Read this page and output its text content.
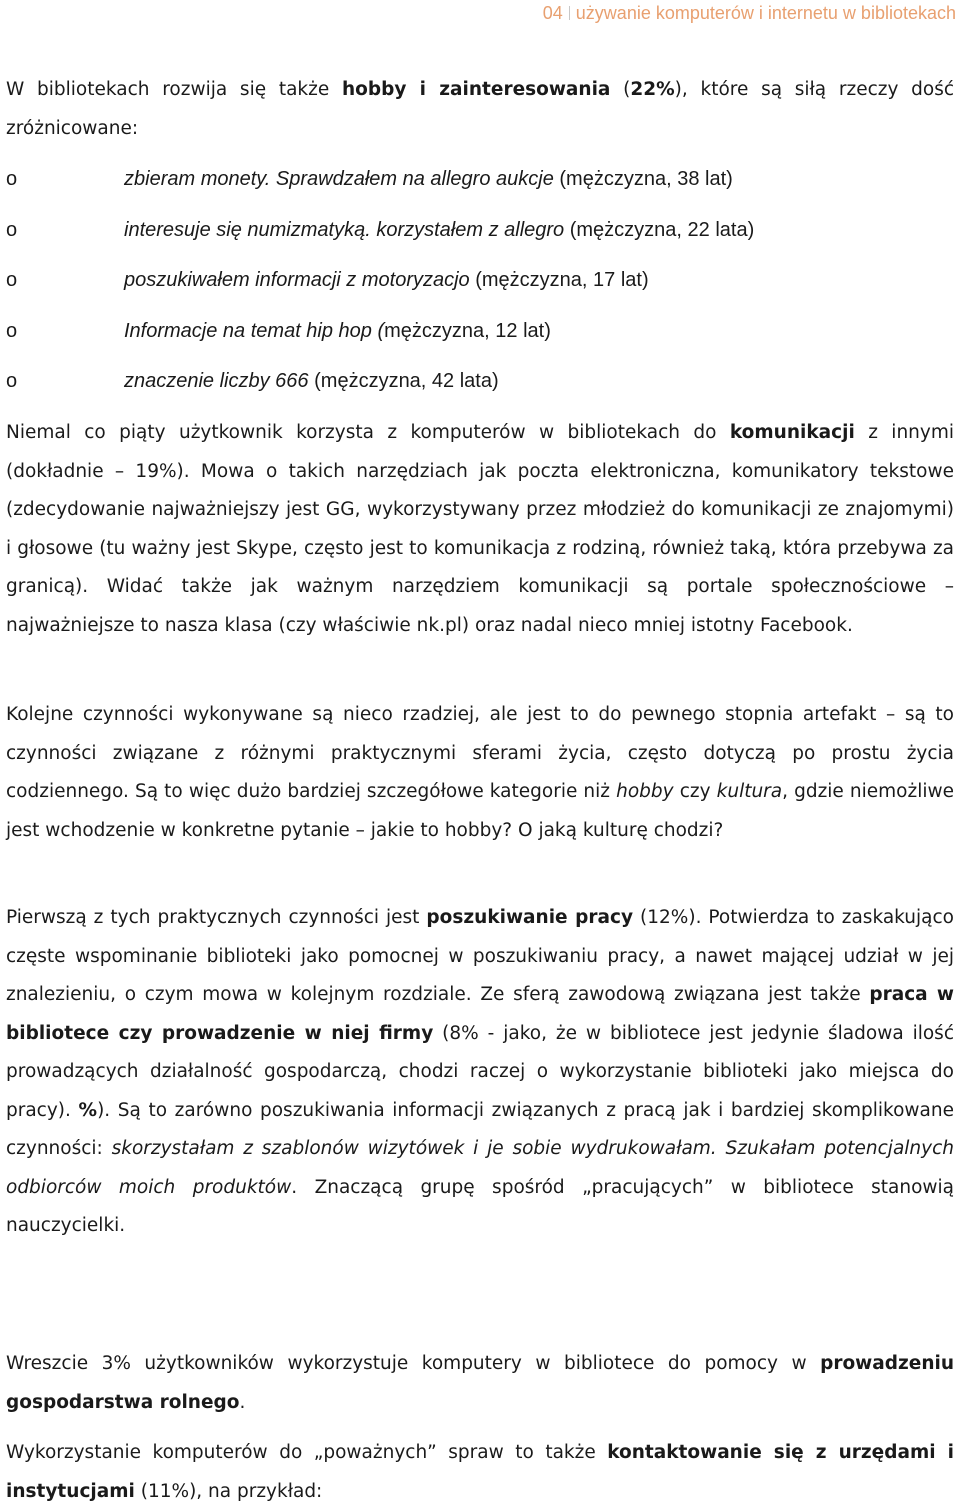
04 używanie komputerów i internetu w bibliotekach

W bibliotekach rozwija się także hobby i zainteresowania (22%), które są siłą rzeczy dość zróżnicowane:

o	zbieram monety. Sprawdzałem na allegro aukcje (mężczyzna, 38 lat)
o	interesuje się numizmatyką. korzystałem z allegro (mężczyzna, 22 lata)
o	poszukiwałem informacji z motoryzacjo (mężczyzna, 17 lat)
o	Informacje na temat hip hop (mężczyzna, 12 lat)
o	znaczenie liczby 666 (mężczyzna, 42 lata)

Niemal co piąty użytkownik korzysta z komputerów w bibliotekach do komunikacji z innymi (dokładnie – 19%). Mowa o takich narzędziach jak poczta elektroniczna, komunikatory tekstowe (zdecydowanie najważniejszy jest GG, wykorzystywany przez młodzież do komunikacji ze znajomymi) i głosowe (tu ważny jest Skype, często jest to komunikacja z rodziną, również taką, która przebywa za granicą). Widać także jak ważnym narzędziem komunikacji są portale społecznościowe – najważniejsze to nasza klasa (czy właściwie nk.pl) oraz nadal nieco mniej istotny Facebook.

Kolejne czynności wykonywane są nieco rzadziej, ale jest to do pewnego stopnia artefakt – są to czynności związane z różnymi praktycznymi sferami życia, często dotyczą po prostu życia codziennego. Są to więc dużo bardziej szczegółowe kategorie niż hobby czy kultura, gdzie niemożliwe jest wchodzenie w konkretne pytanie – jakie to hobby? O jaką kulturę chodzi?

Pierwszą z tych praktycznych czynności jest poszukiwanie pracy (12%). Potwierdza to zaskakująco częste wspominanie biblioteki jako pomocnej w poszukiwaniu pracy, a nawet mającej udział w jej znalezieniu, o czym mowa w kolejnym rozdziale. Ze sferą zawodową związana jest także praca w bibliotece czy prowadzenie w niej firmy (8% - jako, że w bibliotece jest jedynie śladowa ilość prowadzących działalność gospodarczą, chodzi raczej o wykorzystanie biblioteki jako miejsca do pracy). %). Są to zarówno poszukiwania informacji związanych z pracą jak i bardziej skomplikowane czynności: skorzystałam z szablonów wizytówek i je sobie wydrukowałam. Szukałam potencjalnych odbiorców moich produktów. Znaczącą grupę spośród „pracujących” w bibliotece stanowią nauczycielki.

Wreszcie 3% użytkowników wykorzystuje komputery w bibliotece do pomocy w prowadzeniu gospodarstwa rolnego.

Wykorzystanie komputerów do „poważnych” spraw to także kontaktowanie się z urzędami i instytucjami (11%), na przykład:
